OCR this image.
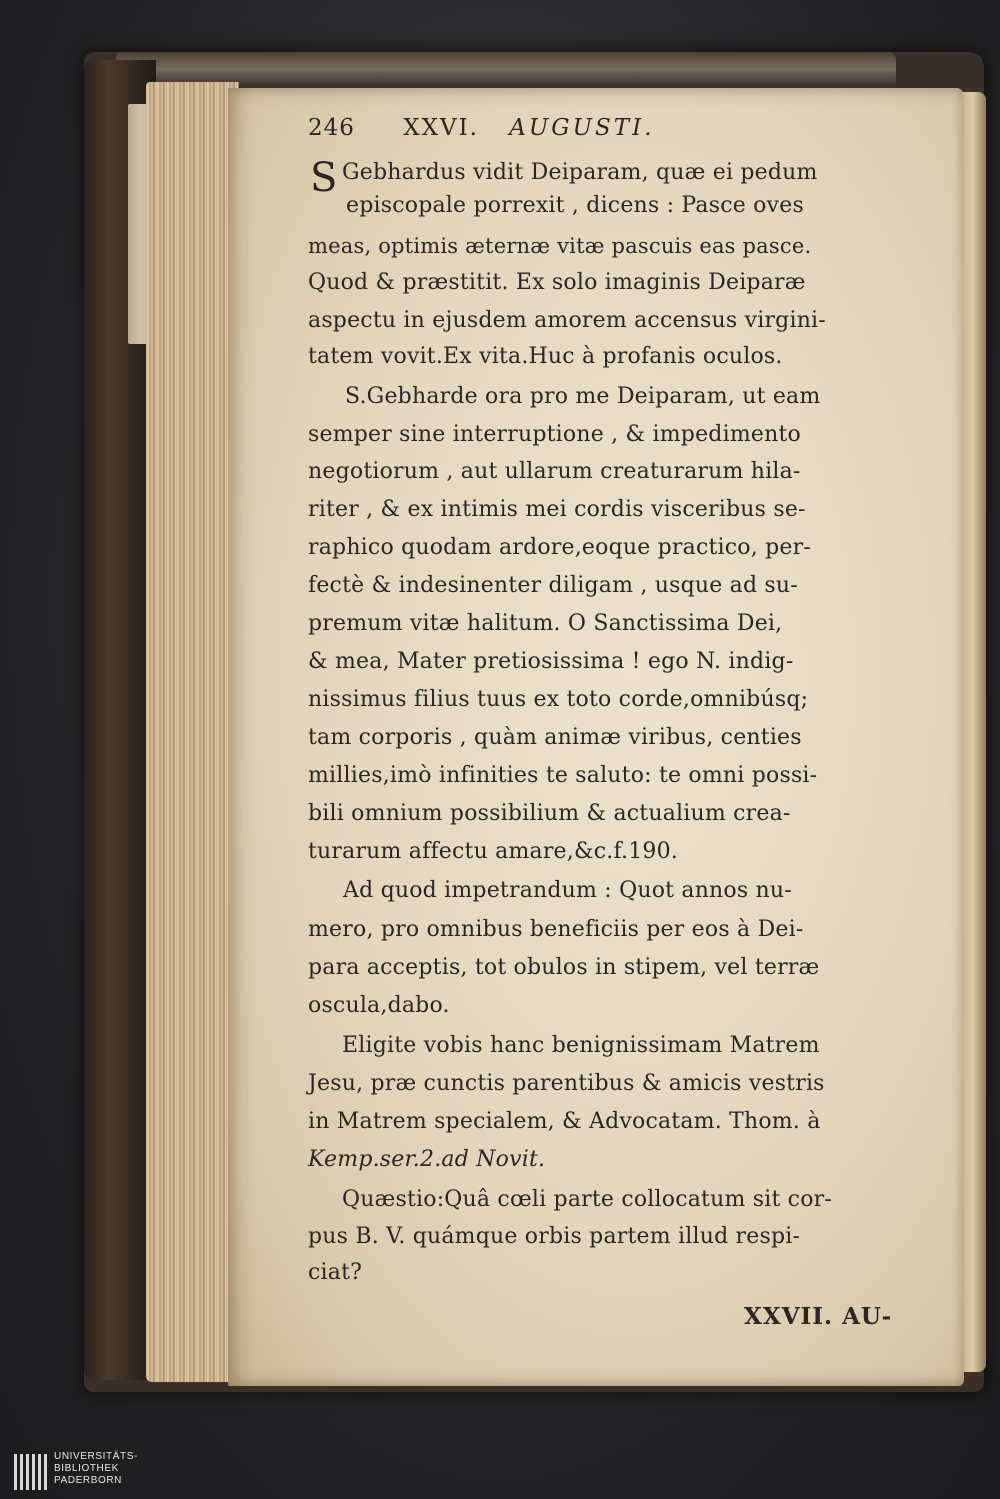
246 XXVI. AUGUSTI.
S Gebhardus vidit Deiparam, quæ ei pedum
episcopale porrexit , dicens : Pasce oves
meas, optimis æternæ vitæ pascuis eas pasce.
Quod & præstitit. Ex solo imaginis Deiparæ
aspectu in ejusdem amorem accensus virgini-
tatem vovit.Ex vita.Huc à profanis oculos.
S.Gebharde ora pro me Deiparam, ut eam
semper sine interruptione , & impedimento
negotiorum , aut ullarum creaturarum hila-
riter , & ex intimis mei cordis visceribus se-
raphico quodam ardore,eoque practico, per-
fectè & indesinenter diligam , usque ad su-
premum vitæ halitum. O Sanctissima Dei,
& mea, Mater pretiosissima ! ego N. indig-
nissimus filius tuus ex toto corde,omnibúsq;
tam corporis , quàm animæ viribus, centies
millies,imò infinities te saluto: te omni possi-
bili omnium possibilium & actualium crea-
turarum affectu amare,&c.f.190.
Ad quod impetrandum : Quot annos nu-
mero, pro omnibus beneficiis per eos à Dei-
para acceptis, tot obulos in stipem, vel terræ
oscula,dabo.
Eligite vobis hanc benignissimam Matrem
Jesu, præ cunctis parentibus & amicis vestris
in Matrem specialem, & Advocatam. Thom. à
Kemp.ser.2.ad Novit.
Quæstio:Quâ cœli parte collocatum sit cor-
pus B. V. quámque orbis partem illud respi-
ciat?
XXVII. AU-
UNIVERSITÄTS-
BIBLIOTHEK
PADERBORN
